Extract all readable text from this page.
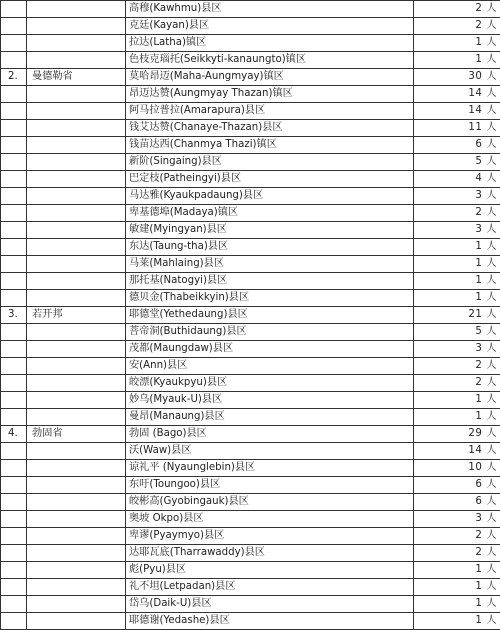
		高穆(Kawhmu)县区	2 人
		克廷(Kayan)县区	2 人
		拉达(Latha)镇区	1 人
		色枝克瑙托(Seikkyti-kanaungto)镇区	1 人
2.	曼德勒省	莫哈昂迈(Maha-Aungmyay)镇区	30 人
		昂迈达赞(Aungmyay Thazan)镇区	14 人
		阿马拉普拉(Amarapura)县区	14 人
		钱艾达赞(Chanaye-Thazan)县区	11 人
		钱苗达西(Chanmya Thazi)镇区	6 人
		新阶(Singaing)县区	5 人
		巴定枝(Patheingyi)县区	4 人
		马达雅(Kyaukpadaung)县区	3 人
		卑基德埠(Madaya)镇区	2 人
		敏建(Myingyan)县区	3 人
		东达(Taung-tha)县区	1 人
		马莱(Mahlaing)县区	1 人
		那托基(Natogyi)县区	1 人
		德贝金(Thabeikkyin)县区	1 人
3.	若开邦	耶德堂(Yethedaung)县区	21 人
		菩帝洞(Buthidaung)县区	5 人
		茂都(Maungdaw)县区	3 人
		安(Ann)县区	2 人
		皎漂(Kyaukpyu)县区	2 人
		妙乌(Myauk-U)县区	1 人
		曼昂(Manaung)县区	1 人
4.	勃固省	勃固 (Bago)县区	29 人
		沃(Waw)县区	14 人
		谅礼平 (Nyaunglebin)县区	10 人
		东吁(Toungoo)县区	6 人
		皎彬高(Gyobingauk)县区	6 人
		奥坡 Okpo)县区	3 人
		卑谬(Pyaymyo)县区	2 人
		达耶瓦底(Tharrawaddy)县区	2 人
		彪(Pyu)县区	1 人
		礼不坦(Letpadan)县区	1 人
		岱乌(Daik-U)县区	1 人
		耶德谢(Yedashe)县区	1 人
